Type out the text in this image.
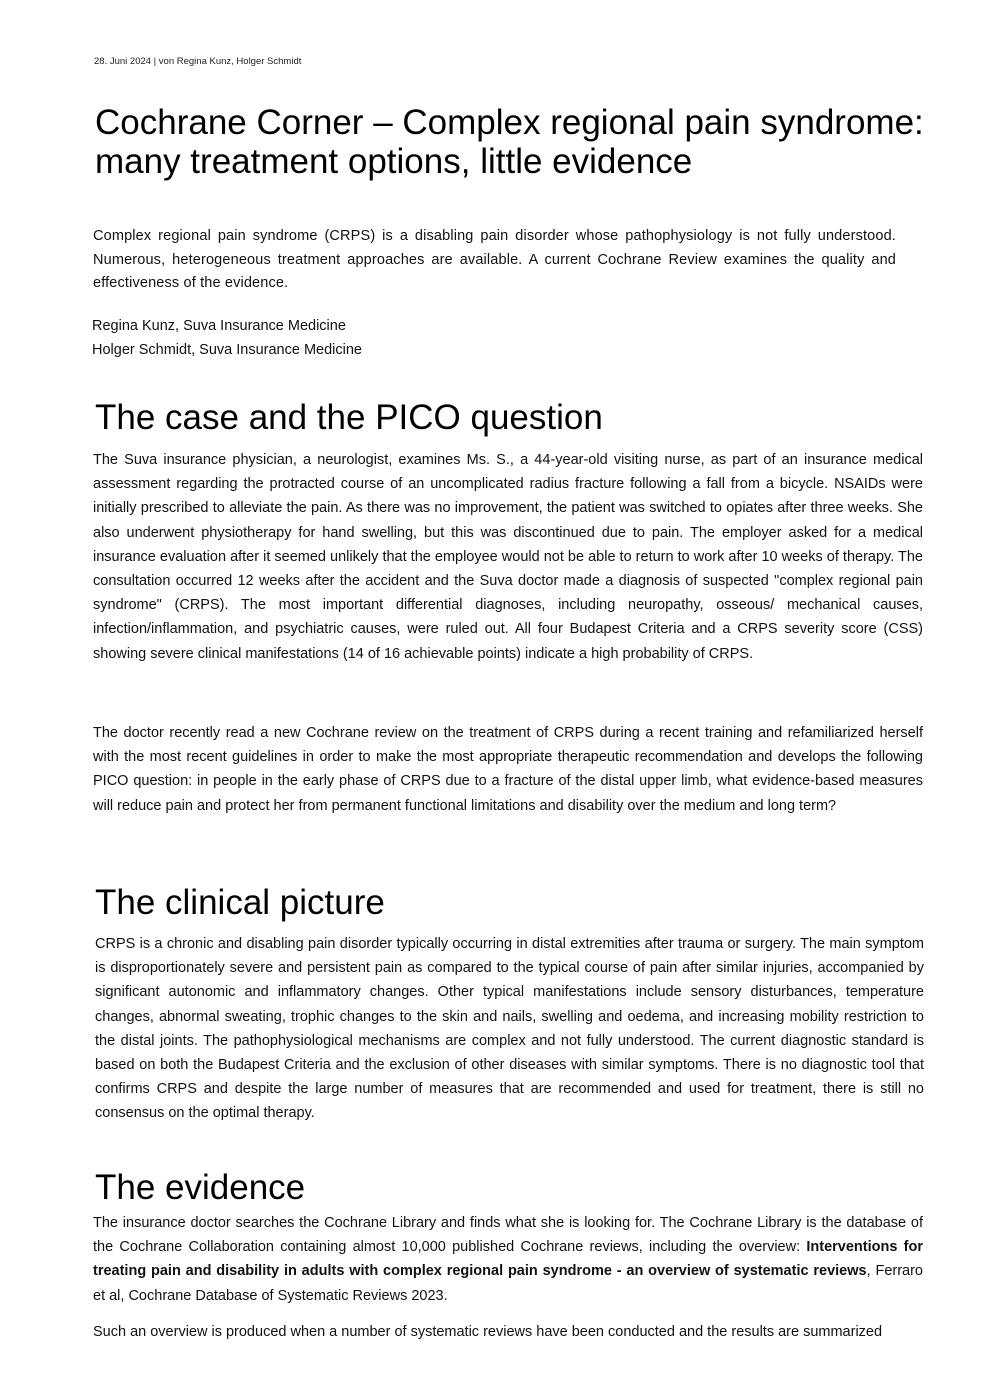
28. Juni 2024 | von Regina Kunz, Holger Schmidt
Cochrane Corner – Complex regional pain syndrome: many treatment options, little evidence

Complex regional pain syndrome (CRPS) is a disabling pain disorder whose pathophysiology is not fully understood. Numerous, heterogeneous treatment approaches are available. A current Cochrane Review examines the quality and effectiveness of the evidence.

Regina Kunz, Suva Insurance Medicine

Holger Schmidt, Suva Insurance Medicine

The case and the PICO question

The Suva insurance physician, a neurologist, examines Ms. S., a 44-year-old visiting nurse, as part of an insurance medical assessment regarding the protracted course of an uncomplicated radius fracture following a fall from a bicycle. NSAIDs were initially prescribed to alleviate the pain. As there was no improvement, the patient was switched to opiates after three weeks. She also underwent physiotherapy for hand swelling, but this was discontinued due to pain. The employer asked for a medical insurance evaluation after it seemed unlikely that the employee would not be able to return to work after 10 weeks of therapy. The consultation occurred 12 weeks after the accident and the Suva doctor made a diagnosis of suspected "complex regional pain syndrome" (CRPS). The most important differential diagnoses, including neuropathy, osseous/ mechanical causes, infection/inflammation, and psychiatric causes, were ruled out. All four Budapest Criteria and a CRPS severity score (CSS) showing severe clinical manifestations (14 of 16 achievable points) indicate a high probability of CRPS.

The doctor recently read a new Cochrane review on the treatment of CRPS during a recent training and refamiliarized herself with the most recent guidelines in order to make the most appropriate therapeutic recommendation and develops the following PICO question: in people in the early phase of CRPS due to a fracture of the distal upper limb, what evidence-based measures will reduce pain and protect her from permanent functional limitations and disability over the medium and long term?

The clinical picture

CRPS is a chronic and disabling pain disorder typically occurring in distal extremities after trauma or surgery. The main symptom is disproportionately severe and persistent pain as compared to the typical course of pain after similar injuries, accompanied by significant autonomic and inflammatory changes. Other typical manifestations include sensory disturbances, temperature changes, abnormal sweating, trophic changes to the skin and nails, swelling and oedema, and increasing mobility restriction to the distal joints. The pathophysiological mechanisms are complex and not fully understood. The current diagnostic standard is based on both the Budapest Criteria and the exclusion of other diseases with similar symptoms. There is no diagnostic tool that confirms CRPS and despite the large number of measures that are recommended and used for treatment, there is still no consensus on the optimal therapy.

The evidence

The insurance doctor searches the Cochrane Library and finds what she is looking for. The Cochrane Library is the database of the Cochrane Collaboration containing almost 10,000 published Cochrane reviews, including the overview: Interventions for treating pain and disability in adults with complex regional pain syndrome - an overview of systematic reviews, Ferraro et al, Cochrane Database of Systematic Reviews 2023.

Such an overview is produced when a number of systematic reviews have been conducted and the results are summarized
